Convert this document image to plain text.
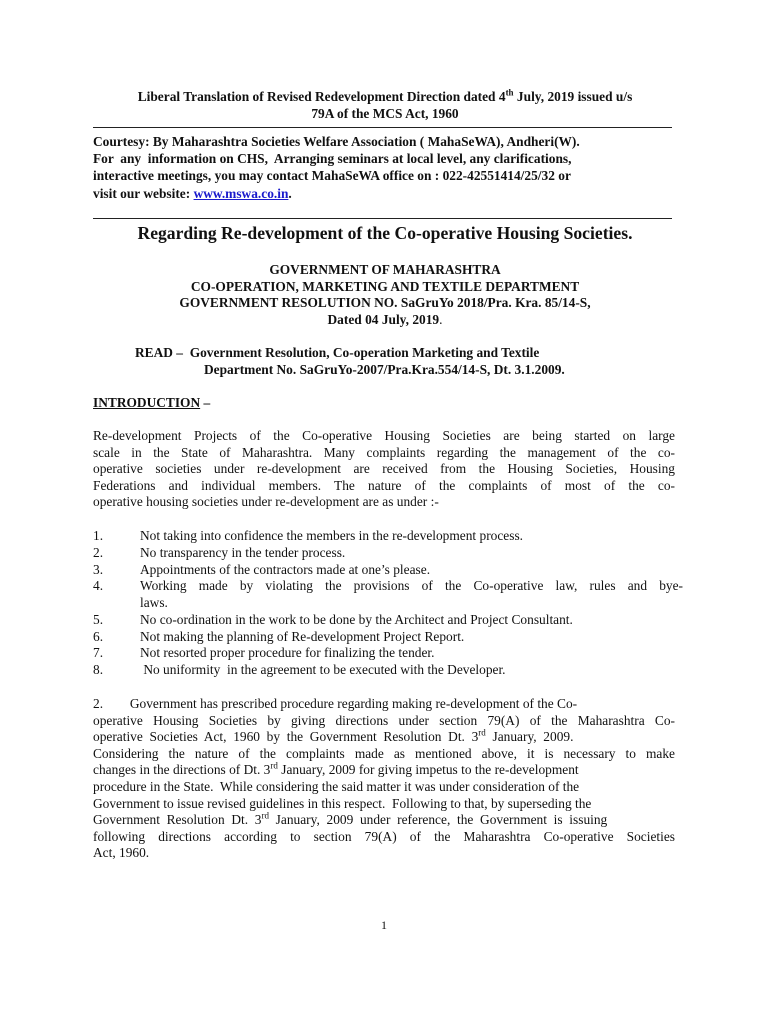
Liberal Translation of Revised Redevelopment Direction dated 4th July, 2019 issued u/s
79A of the MCS Act, 1960
Courtesy: By Maharashtra Societies Welfare Association ( MahaSeWA), Andheri(W).
For  any  information on CHS,  Arranging seminars at local level, any clarifications,
interactive meetings, you may contact MahaSeWA office on : 022-42551414/25/32 or
visit our website: www.mswa.co.in.
Regarding Re-development of the Co-operative Housing Societies.
GOVERNMENT OF MAHARASHTRA
CO-OPERATION, MARKETING AND TEXTILE DEPARTMENT
GOVERNMENT RESOLUTION NO. SaGruYo 2018/Pra. Kra. 85/14-S,
Dated 04 July, 2019.
READ –  Government Resolution, Co-operation Marketing and Textile
Department No. SaGruYo-2007/Pra.Kra.554/14-S, Dt. 3.1.2009.
INTRODUCTION –
Re-development Projects of the Co-operative Housing Societies are being started on large
scale in the State of Maharashtra. Many complaints regarding the management of the co-
operative societies under re-development are received from the Housing Societies, Housing
Federations and individual members. The nature of the complaints of most of the co-
operative housing societies under re-development are as under :-
1.	Not taking into confidence the members in the re-development process.
2.	No transparency in the tender process.
3.	Appointments of the contractors made at one’s please.
4.	Working made by violating the provisions of the Co-operative law, rules and bye-
laws.
5.	No co-ordination in the work to be done by the Architect and Project Consultant.
6.	Not making the planning of Re-development Project Report.
7.	Not resorted proper procedure for finalizing the tender.
8.	No uniformity  in the agreement to be executed with the Developer.
2.        Government has prescribed procedure regarding making re-development of the Co-
operative Housing Societies by giving directions under section 79(A) of the Maharashtra Co-
operative  Societies  Act,  1960  by  the  Government  Resolution  Dt.  3rd  January,  2009.
Considering the nature of the complaints made as mentioned above, it is necessary to make
changes in the directions of Dt. 3rd January, 2009 for giving impetus to the re-development
procedure in the State.  While considering the said matter it was under consideration of the
Government to issue revised guidelines in this respect.  Following to that, by superseding the
Government  Resolution  Dt.  3rd  January,  2009  under  reference,  the  Government  is  issuing
following directions according to section 79(A) of the Maharashtra Co-operative Societies
Act, 1960.
1
